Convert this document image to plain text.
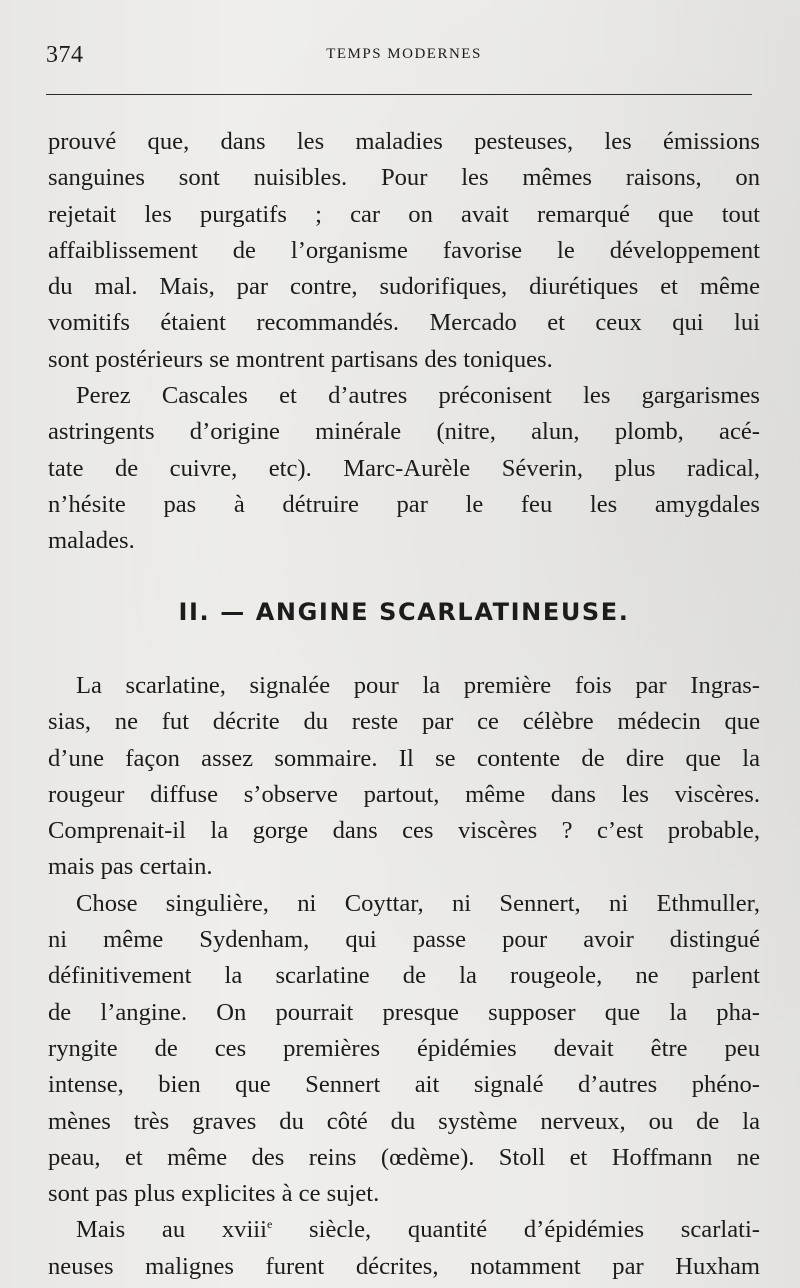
374	TEMPS MODERNES
prouvé que, dans les maladies pesteuses, les émissions
sanguines sont nuisibles. Pour les mêmes raisons, on
rejetait les purgatifs ; car on avait remarqué que tout
affaiblissement de l’organisme favorise le développement
du mal. Mais, par contre, sudorifiques, diurétiques et même
vomitifs étaient recommandés. Mercado et ceux qui lui
sont postérieurs se montrent partisans des toniques.
Perez Cascales et d’autres préconisent les gargarismes
astringents d’origine minérale (nitre, alun, plomb, acé-
tate de cuivre, etc). Marc-Aurèle Séverin, plus radical,
n’hésite pas à détruire par le feu les amygdales
malades.
II. — ANGINE SCARLATINEUSE.
La scarlatine, signalée pour la première fois par Ingras-
sias, ne fut décrite du reste par ce célèbre médecin que
d’une façon assez sommaire. Il se contente de dire que la
rougeur diffuse s’observe partout, même dans les viscères.
Comprenait-il la gorge dans ces viscères ? c’est probable,
mais pas certain.
Chose singulière, ni Coyttar, ni Sennert, ni Ethmuller,
ni même Sydenham, qui passe pour avoir distingué
définitivement la scarlatine de la rougeole, ne parlent
de l’angine. On pourrait presque supposer que la pha-
ryngite de ces premières épidémies devait être peu
intense, bien que Sennert ait signalé d’autres phéno-
mènes très graves du côté du système nerveux, ou de la
peau, et même des reins (œdème). Stoll et Hoffmann ne
sont pas plus explicites à ce sujet.
Mais au xviii$^e$ siècle, quantité d’épidémies scarlati-
neuses malignes furent décrites, notamment par Huxham
